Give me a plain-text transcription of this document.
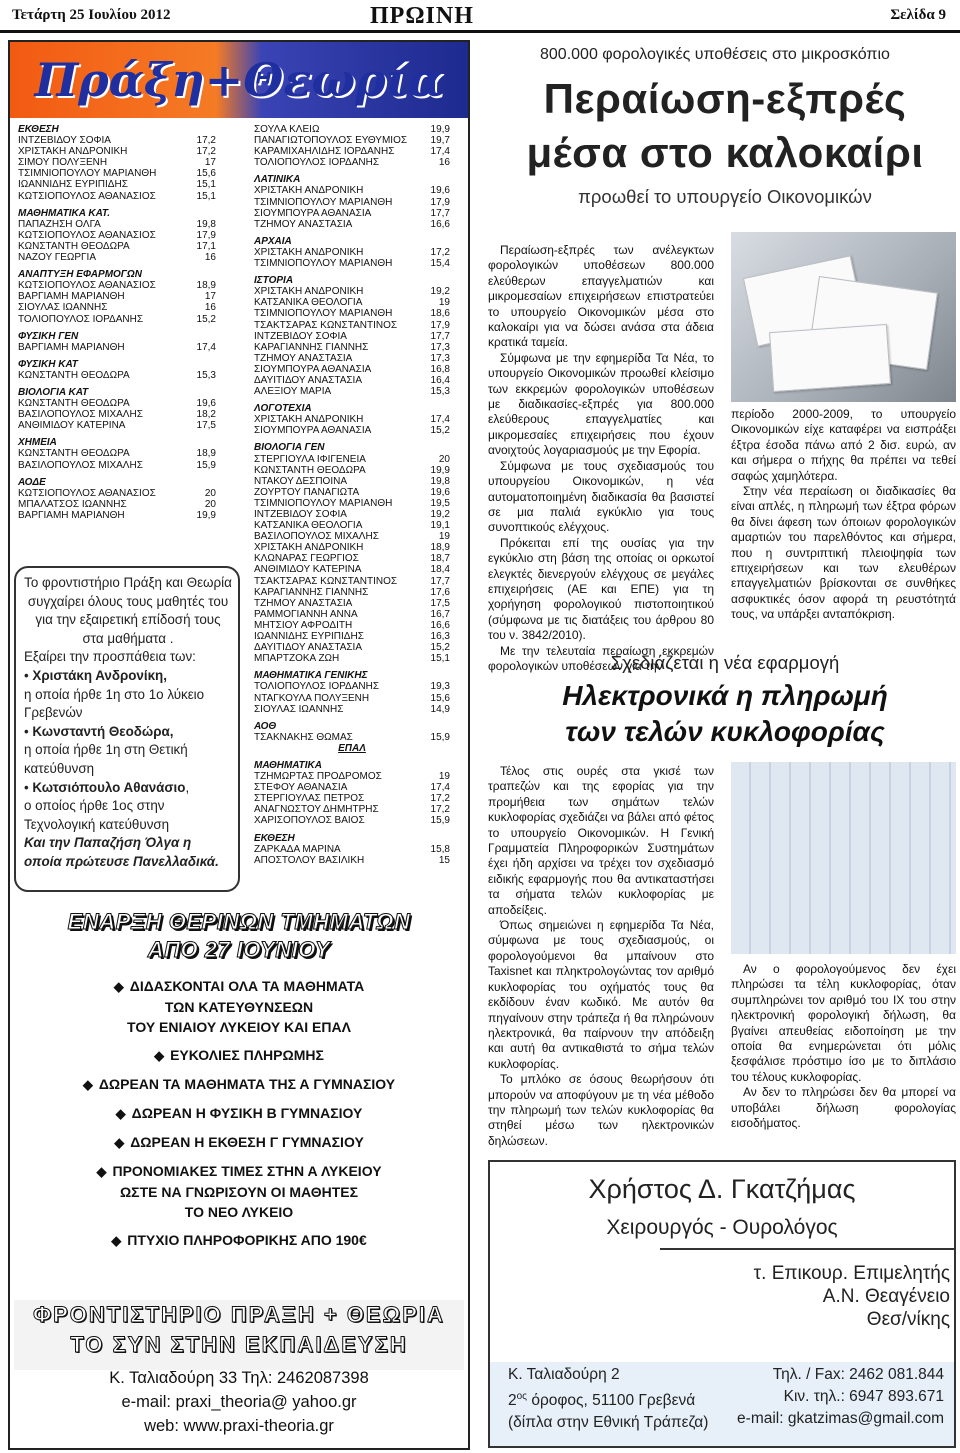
Τετάρτη 25 Ιουλίου 2012	ΠΡΩΙΝΗ	Σελίδα 9
Πράξη+Θεωρία
ΕΚΘΕΣΗ
ΙΝΤΖΕΒΙΔΟΥ ΣΟΦΙΑ	17,2
ΧΡΙΣΤΑΚΗ ΑΝΔΡΟΝΙΚΗ	17,2
ΣΙΜΟΥ ΠΟΛΥΞΕΝΗ	17
ΤΣΙΜΝΙΟΠΟΥΛΟΥ ΜΑΡΙΑΝΘΗ	15,6
ΙΩΑΝΝΙΔΗΣ ΕΥΡΙΠΙΔΗΣ	15,1
ΚΩΤΣΙΟΠΟΥΛΟΣ ΑΘΑΝΑΣΙΟΣ	15,1
ΜΑΘΗΜΑΤΙΚΑ ΚΑΤ.
ΠΑΠΑΖΗΣΗ ΟΛΓΑ	19,8
ΚΩΤΣΙΟΠΟΥΛΟΣ ΑΘΑΝΑΣΙΟΣ	17,9
ΚΩΝΣΤΑΝΤΗ ΘΕΟΔΩΡΑ	17,1
ΝΑΖΟΥ ΓΕΩΡΓΙΑ	16
ΑΝΑΠΤΥΞΗ ΕΦΑΡΜΟΓΩΝ
ΚΩΤΣΙΟΠΟΥΛΟΣ ΑΘΑΝΑΣΙΟΣ	18,9
ΒΑΡΓΙΑΜΗ ΜΑΡΙΑΝΘΗ	17
ΣΙΟΥΛΑΣ ΙΩΑΝΝΗΣ	16
ΤΟΛΙΟΠΟΥΛΟΣ ΙΟΡΔΑΝΗΣ	15,2
ΦΥΣΙΚΗ ΓΕΝ
ΒΑΡΓΙΑΜΗ ΜΑΡΙΑΝΘΗ	17,4
ΦΥΣΙΚΗ ΚΑΤ
ΚΩΝΣΤΑΝΤΗ ΘΕΟΔΩΡΑ	15,3
ΒΙΟΛΟΓΙΑ ΚΑΤ
ΚΩΝΣΤΑΝΤΗ ΘΕΟΔΩΡΑ	19,6
ΒΑΣΙΛΟΠΟΥΛΟΣ ΜΙΧΑΛΗΣ	18,2
ΑΝΘΙΜΙΔΟΥ ΚΑΤΕΡΙΝΑ	17,5
ΧΗΜΕΙΑ
ΚΩΝΣΤΑΝΤΗ ΘΕΟΔΩΡΑ	18,9
ΒΑΣΙΛΟΠΟΥΛΟΣ ΜΙΧΑΛΗΣ	15,9
ΑΟΔΕ
ΚΩΤΣΙΟΠΟΥΛΟΣ ΑΘΑΝΑΣΙΟΣ	20
ΜΠΑΛΑΤΣΟΣ ΙΩΑΝΝΗΣ	20
ΒΑΡΓΙΑΜΗ ΜΑΡΙΑΝΘΗ	19,9
ΣΟΥΛΑ ΚΛΕΙΩ	19,9
ΠΑΝΑΓΙΩΤΟΠΟΥΛΟΣ ΕΥΘΥΜΙΟΣ 19,7
ΚΑΡΑΜΙΧΑΗΛΙΔΗΣ ΙΟΡΔΑΝΗΣ	17,4
ΤΟΛΙΟΠΟΥΛΟΣ ΙΟΡΔΑΝΗΣ	16
ΛΑΤΙΝΙΚΑ
ΧΡΙΣΤΑΚΗ ΑΝΔΡΟΝΙΚΗ	19,6
ΤΣΙΜΝΙΟΠΟΥΛΟΥ ΜΑΡΙΑΝΘΗ	17,9
ΣΙΟΥΜΠΟΥΡΑ ΑΘΑΝΑΣΙΑ	17,7
ΤΖΗΜΟΥ ΑΝΑΣΤΑΣΙΑ	16,6
ΑΡΧΑΙΑ
ΧΡΙΣΤΑΚΗ ΑΝΔΡΟΝΙΚΗ	17,2
ΤΣΙΜΝΙΟΠΟΥΛΟΥ ΜΑΡΙΑΝΘΗ	15,4
ΙΣΤΟΡΙΑ
ΧΡΙΣΤΑΚΗ ΑΝΔΡΟΝΙΚΗ	19,2
ΚΑΤΣΑΝΙΚΑ ΘΕΟΛΟΓΙΑ	19
ΤΣΙΜΝΙΟΠΟΥΛΟΥ ΜΑΡΙΑΝΘΗ	18,6
ΤΣΑΚΤΣΑΡΑΣ ΚΩΝΣΤΑΝΤΙΝΟΣ	17,9
ΙΝΤΖΕΒΙΔΟΥ ΣΟΦΙΑ	17,7
ΚΑΡΑΓΙΑΝΝΗΣ ΓΙΑΝΝΗΣ	17,3
ΤΖΗΜΟΥ ΑΝΑΣΤΑΣΙΑ	17,3
ΣΙΟΥΜΠΟΥΡΑ ΑΘΑΝΑΣΙΑ	16,8
ΔΑΥΙΤΙΔΟΥ ΑΝΑΣΤΑΣΙΑ	16,4
ΑΛΕΞΙΟΥ ΜΑΡΙΑ	15,3
ΛΟΓΟΤΕΧΙΑ
ΧΡΙΣΤΑΚΗ ΑΝΔΡΟΝΙΚΗ	17,4
ΣΙΟΥΜΠΟΥΡΑ ΑΘΑΝΑΣΙΑ	15,2
ΒΙΟΛΟΓΙΑ ΓΕΝ
ΣΤΕΡΓΙΟΥΛΑ ΙΦΙΓΕΝΕΙΑ	20
ΚΩΝΣΤΑΝΤΗ ΘΕΟΔΩΡΑ	19,9
ΝΤΑΚΟΥ ΔΕΣΠΟΙΝΑ	19,8
ΖΟΥΡΤΟΥ ΠΑΝΑΓΙΩΤΑ	19,6
ΤΣΙΜΝΙΟΠΟΥΛΟΥ ΜΑΡΙΑΝΘΗ	19,5
ΙΝΤΖΕΒΙΔΟΥ ΣΟΦΙΑ	19,2
ΚΑΤΣΑΝΙΚΑ ΘΕΟΛΟΓΙΑ	19,1
ΒΑΣΙΛΟΠΟΥΛΟΣ ΜΙΧΑΛΗΣ	19
ΧΡΙΣΤΑΚΗ ΑΝΔΡΟΝΙΚΗ	18,9
ΚΛΩΝΑΡΑΣ ΓΕΩΡΓΙΟΣ	18,7
ΑΝΘΙΜΙΔΟΥ ΚΑΤΕΡΙΝΑ	18,4
ΤΣΑΚΤΣΑΡΑΣ ΚΩΝΣΤΑΝΤΙΝΟΣ	17,7
ΚΑΡΑΓΙΑΝΝΗΣ ΓΙΑΝΝΗΣ	17,6
ΤΖΗΜΟΥ ΑΝΑΣΤΑΣΙΑ	17,5
ΡΑΜΜΟΓΙΑΝΝΗ ΑΝΝΑ	16,7
ΜΗΤΣΙΟΥ ΑΦΡΟΔΙΤΗ	16,6
ΙΩΑΝΝΙΔΗΣ ΕΥΡΙΠΙΔΗΣ	16,3
ΔΑΥΙΤΙΔΟΥ ΑΝΑΣΤΑΣΙΑ	15,2
ΜΠΑΡΤΖΟΚΑ ΖΩΗ	15,1
ΜΑΘΗΜΑΤΙΚΑ ΓΕΝΙΚΗΣ
ΤΟΛΙΟΠΟΥΛΟΣ ΙΟΡΔΑΝΗΣ	19,3
ΝΤΑΓΚΟΥΛΑ ΠΟΛΥΞΕΝΗ	15,6
ΣΙΟΥΛΑΣ ΙΩΑΝΝΗΣ	14,9
ΑΟΘ
ΤΣΑΚΝΑΚΗΣ ΘΩΜΑΣ	15,9
ΕΠΑΛ
ΜΑΘΗΜΑΤΙΚΑ
ΤΖΗΜΩΡΤΑΣ ΠΡΟΔΡΟΜΟΣ	19
ΣΤΕΦΟΥ ΑΘΑΝΑΣΙΑ	17,4
ΣΤΕΡΓΙΟΥΛΑΣ ΠΕΤΡΟΣ	17,2
ΑΝΑΓΝΩΣΤΟΥ ΔΗΜΗΤΡΗΣ	17,2
ΧΑΡΙΣΟΠΟΥΛΟΣ ΒΑΙΟΣ	15,9
ΕΚΘΕΣΗ
ΖΑΡΚΑΔΑ ΜΑΡΙΝΑ	15,8
ΑΠΟΣΤΟΛΟΥ ΒΑΣΙΛΙΚΗ	15
Το φροντιστήριο Πράξη και Θεωρία συγχαίρει όλους τους μαθητές του για την εξαιρετική επίδοσή τους στα μαθήματα .
Εξαίρει την προσπάθεια των:
• Χριστάκη Ανδρονίκη,
η οποία ήρθε 1η στο 1ο λύκειο Γρεβενών
• Κωνσταντή Θεοδώρα,
η οποία ήρθε 1η στη Θετική κατεύθυνση
• Κωτσιόπουλο Αθανάσιο,
ο οποίος ήρθε 1ος στην Τεχνολογική κατεύθυνση
Και την Παπαζήση Όλγα η οποία πρώτευσε Πανελλαδικά.
ΕΝΑΡΞΗ ΘΕΡΙΝΩΝ ΤΜΗΜΑΤΩΝ
ΑΠΟ 27 ΙΟΥΝΙΟΥ
◆ ΔΙΔΑΣΚΟΝΤΑΙ ΟΛΑ ΤΑ ΜΑΘΗΜΑΤΑ
ΤΩΝ ΚΑΤΕΥΘΥΝΣΕΩΝ
ΤΟΥ ΕΝΙΑΙΟΥ ΛΥΚΕΙΟΥ ΚΑΙ ΕΠΑΛ
◆ ΕΥΚΟΛΙΕΣ ΠΛΗΡΩΜΗΣ
◆ ΔΩΡΕΑΝ ΤΑ ΜΑΘΗΜΑΤΑ ΤΗΣ Α ΓΥΜΝΑΣΙΟΥ
◆ ΔΩΡΕΑΝ Η ΦΥΣΙΚΗ Β ΓΥΜΝΑΣΙΟΥ
◆ ΔΩΡΕΑΝ Η ΕΚΘΕΣΗ Γ ΓΥΜΝΑΣΙΟΥ
◆ ΠΡΟΝΟΜΙΑΚΕΣ ΤΙΜΕΣ ΣΤΗΝ Α ΛΥΚΕΙΟΥ
ΩΣΤΕ ΝΑ ΓΝΩΡΙΣΟΥΝ ΟΙ ΜΑΘΗΤΕΣ
ΤΟ ΝΕΟ ΛΥΚΕΙΟ
◆ ΠΤΥΧΙΟ ΠΛΗΡΟΦΟΡΙΚΗΣ ΑΠΟ 190€
ΦΡΟΝΤΙΣΤΗΡΙΟ ΠΡΑΞΗ + ΘΕΩΡΙΑ
ΤΟ ΣΥΝ ΣΤΗΝ ΕΚΠΑΙΔΕΥΣΗ
Κ. Ταλιαδούρη 33 Τηλ: 2462087398
e-mail: praxi_theoria@ yahoo.gr
web: www.praxi-theoria.gr
800.000 φορολογικές υποθέσεις στο μικροσκόπιο
Περαίωση-εξπρές
μέσα στο καλοκαίρι
προωθεί το υπουργείο Οικονομικών

Περαίωση-εξπρές των ανέλεγκτων φορολογικών υποθέσεων 800.000 ελεύθερων επαγγελματιών και μικρομεσαίων επιχειρήσεων επιστρατεύει το υπουργείο Οικονομικών μέσα στο καλοκαίρι για να δώσει ανάσα στα άδεια κρατικά ταμεία.

Σύμφωνα με την εφημερίδα Τα Νέα, το υπουργείο Οικονομικών προωθεί κλείσιμο των εκκρεμών φορολογικών υποθέσεων με διαδικασίες-εξπρές για 800.000 ελεύθερους επαγγελματίες και μικρομεσαίες επιχειρήσεις που έχουν ανοιχτούς λογαριασμούς με την Εφορία.

Σύμφωνα με τους σχεδιασμούς του υπουργείου Οικονομικών, η νέα αυτοματοποιημένη διαδικασία θα βασιστεί σε μια παλιά εγκύκλιο για τους συνοπτικούς ελέγχους.

Πρόκειται επί της ουσίας για την εγκύκλιο στη βάση της οποίας οι ορκωτοί ελεγκτές διενεργούν ελέγχους σε μεγάλες επιχειρήσεις (ΑΕ και ΕΠΕ) για τη χορήγηση φορολογικού πιστοποιητικού (σύμφωνα με τις διατάξεις του άρθρου 80 του ν. 3842/2010).

Με την τελευταία περαίωση εκκρεμών φορολογικών υποθέσεων για την

περίοδο 2000-2009, το υπουργείο Οικονομικών είχε καταφέρει να εισπράξει έξτρα έσοδα πάνω από 2 δισ. ευρώ, αν και σήμερα ο πήχης θα πρέπει να τεθεί σαφώς χαμηλότερα.

Στην νέα περαίωση οι διαδικασίες θα είναι απλές, η πληρωμή των έξτρα φόρων θα δίνει άφεση των όποιων φορολογικών αμαρτιών του παρελθόντος και σήμερα, που η συντριπτική πλειοψηφία των επιχειρήσεων και των ελευθέρων επαγγελματιών βρίσκονται σε συνθήκες ασφυκτικές όσον αφορά τη ρευστότητά τους, να υπάρξει ανταπόκριση.

Σχεδιάζεται η νέα εφαρμογή
Ηλεκτρονικά η πληρωμή
των τελών κυκλοφορίας

Τέλος στις ουρές στα γκισέ των τραπεζών και της εφορίας για την προμήθεια των σημάτων τελών κυκλοφορίας σχεδιάζει να βάλει από φέτος το υπουργείο Οικονομικών. Η Γενική Γραμματεία Πληροφορικών Συστημάτων έχει ήδη αρχίσει να τρέχει τον σχεδιασμό ειδικής εφαρμογής που θα αντικαταστήσει τα σήματα τελών κυκλοφορίας με αποδείξεις.

Όπως σημειώνει η εφημερίδα Τα Νέα, σύμφωνα με τους σχεδιασμούς, οι φορολογούμενοι θα μπαίνουν στο Taxisnet και πληκτρολογώντας τον αριθμό κυκλοφορίας του οχήματός τους θα εκδίδουν έναν κωδικό. Με αυτόν θα πηγαίνουν στην τράπεζα ή θα πληρώνουν ηλεκτρονικά, θα παίρνουν την απόδειξη και αυτή θα αντικαθιστά το σήμα τελών κυκλοφορίας.

Το μπλόκο σε όσους θεωρήσουν ότι μπορούν να αποφύγουν με τη νέα μέθοδο την πληρωμή των τελών κυκλοφορίας θα στηθεί μέσω των ηλεκτρονικών δηλώσεων.

Αν ο φορολογούμενος δεν έχει πληρώσει τα τέλη κυκλοφορίας, όταν συμπληρώνει τον αριθμό του ΙΧ του στην ηλεκτρονική φορολογική δήλωση, θα βγαίνει απευθείας ειδοποίηση με την οποία θα ενημερώνεται ότι μόλις ξεσφάλισε πρόστιμο ίσο με το διπλάσιο του τέλους κυκλοφορίας.

Αν δεν το πληρώσει δεν θα μπορεί να υποβάλει δήλωση φορολογίας εισοδήματος.

Χρήστος Δ. Γκατζήμας
Χειρουργός - Ουρολόγος
τ. Επικουρ. Επιμελητής
Α.Ν. Θεαγένειο
Θεσ/νίκης
Κ. Ταλιαδούρη 2
$2^{o\varsigma}$ όροφος, 51100 Γρεβενά
(δίπλα στην Εθνική Τράπεζα)
Τηλ. / Fax: 2462 081.844
Κιν. τηλ.: 6947 893.671
e-mail: gkatzimas@gmail.com
